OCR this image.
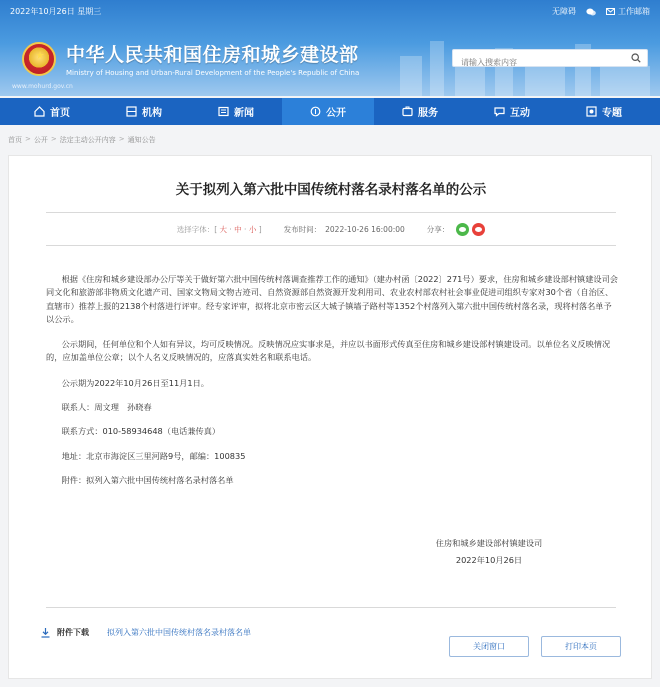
2022年10月26日 星期三	无障碍	工作邮箱
中华人民共和国住房和城乡建设部
Ministry of Housing and Urban-Rural Development of the People's Republic of China
www.mohurd.gov.cn
请输入搜索内容
首页	机构	新闻	公开	服务	互动	专题
首页 > 公开 > 法定主动公开内容 > 通知公告
关于拟列入第六批中国传统村落名录村落名单的公示
选择字体：[ 大 · 中 · 小 ]	发布时间： 2022-10-26 16:00:00	分享：

根据《住房和城乡建设部办公厅等关于做好第六批中国传统村落调查推荐工作的通知》（建办村函〔2022〕271号）要求，住房和城乡建设部村镇建设司会同文化和旅游部非物质文化遗产司、国家文物局文物古迹司、自然资源部自然资源开发利用司、农业农村部农村社会事业促进司组织专家对30个省（自治区、直辖市）推荐上报的2138个村落进行评审。经专家评审，拟将北京市密云区大城子镇墙子路村等1352个村落列入第六批中国传统村落名录，现将村落名单予以公示。

公示期间，任何单位和个人如有异议，均可反映情况。反映情况应实事求是，并应以书面形式传真至住房和城乡建设部村镇建设司。以单位名义反映情况的，应加盖单位公章；以个人名义反映情况的，应落真实姓名和联系电话。

公示期为2022年10月26日至11月1日。

联系人：周文理　孙晓春

联系方式：010-58934648（电话兼传真）

地址：北京市海淀区三里河路9号，邮编：100835

附件：拟列入第六批中国传统村落名录村落名单

住房和城乡建设部村镇建设司
2022年10月26日
附件下载 拟列入第六批中国传统村落名录村落名单
关闭窗口	打印本页
